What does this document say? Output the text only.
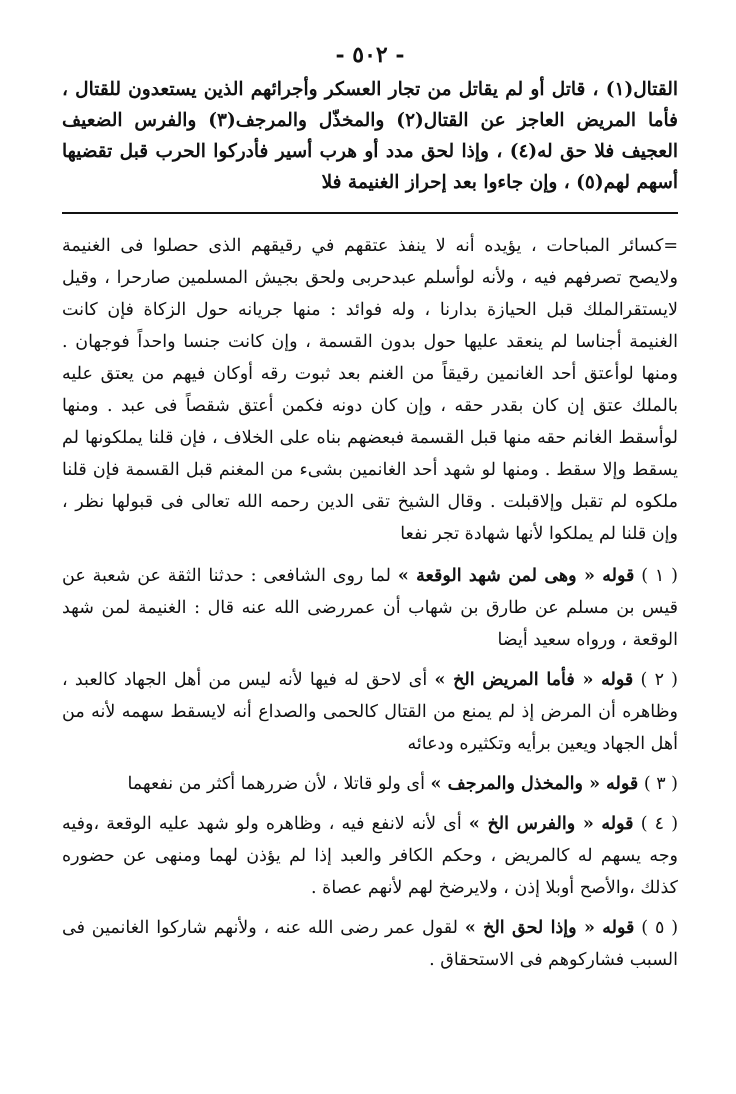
- ٥٠٢ -

القتال(١) ، قاتل أو لم يقاتل من تجار العسكر وأجرائهم الذين يستعدون للقتال ، فأما المريض العاجز عن القتال(٢) والمخذّل والمرجف(٣) والفرس الضعيف العجيف فلا حق له(٤) ، وإذا لحق مدد أو هرب أسير فأدركوا الحرب قبل تقضيها أسهم لهم(٥) ، وإن جاءوا بعد إحراز الغنيمة فلا

=كسائر المباحات ، يؤيده أنه لا ينفذ عتقهم في رقيقهم الذى حصلوا فى الغنيمة ولايصح تصرفهم فيه ، ولأنه لوأسلم عبدحربى ولحق بجيش المسلمين صارحرا ، وقيل لايستقرالملك قبل الحيازة بدارنا ، وله فوائد : منها جريانه حول الزكاة فإن كانت الغنيمة أجناسا لم ينعقد عليها حول بدون القسمة ، وإن كانت جنسا واحداً فوجهان . ومنها لوأعتق أحد الغانمين رقيقاً من الغنم بعد ثبوت رقه أوكان فيهم من يعتق عليه بالملك عتق إن كان بقدر حقه ، وإن كان دونه فكمن أعتق شقصاً فى عبد . ومنها لوأسقط الغانم حقه منها قبل القسمة فبعضهم بناه على الخلاف ، فإن قلنا يملكونها لم يسقط وإلا سقط . ومنها لو شهد أحد الغانمين بشىء من المغنم قبل القسمة فإن قلنا ملكوه لم تقبل وإلاقبلت . وقال الشيخ تقى الدين رحمه الله تعالى فى قبولها نظر ، وإن قلنا لم يملكوا لأنها شهادة تجر نفعا

( ١ ) قوله « وهى لمن شهد الوقعة » لما روى الشافعى : حدثنا الثقة عن شعبة عن قيس بن مسلم عن طارق بن شهاب أن عمررضى الله عنه قال : الغنيمة لمن شهد الوقعة ، ورواه سعيد أيضا

( ٢ ) قوله « فأما المريض الخ » أى لاحق له فيها لأنه ليس من أهل الجهاد كالعبد ، وظاهره أن المرض إذ لم يمنع من القتال كالحمى والصداع أنه لايسقط سهمه لأنه من أهل الجهاد ويعين برأيه وتكثيره ودعائه

( ٣ ) قوله « والمخذل والمرجف » أى ولو قاتلا ، لأن ضررهما أكثر من نفعهما

( ٤ ) قوله « والفرس الخ » أى لأنه لانفع فيه ، وظاهره ولو شهد عليه الوقعة ،وفيه وجه يسهم له كالمريض ، وحكم الكافر والعبد إذا لم يؤذن لهما ومنهى عن حضوره كذلك ،والأصح أوبلا إذن ، ولايرضخ لهم لأنهم عصاة .

( ٥ ) قوله « وإذا لحق الخ » لقول عمر رضى الله عنه ، ولأنهم شاركوا الغانمين فى السبب فشاركوهم فى الاستحقاق .
